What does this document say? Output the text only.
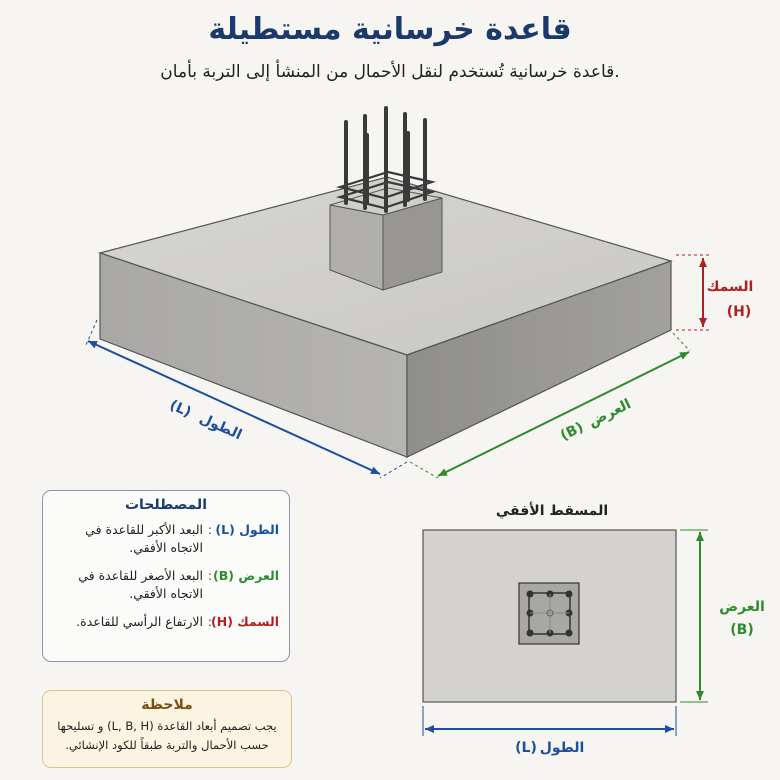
قاعدة خرسانية مستطيلة
قاعدة خرسانية تُستخدم لنقل الأحمال من المنشأ إلى التربة بأمان.
السمك
(H)
الطول
(L)	العرض
(B)
العرض
(B)
الطول
(L)
المسقط الأفقي
المصطلحات
الطول (L)
:
البعد الأكبر للقاعدة في الاتجاه الأفقي.
العرض (B)
:
البعد الأصغر للقاعدة في الاتجاه الأفقي.
السمك (H)
:
الارتفاع الرأسي للقاعدة.
ملاحظة
يجب تصميم أبعاد القاعدة (L, B, H) و تسليحها حسب الأحمال والتربة طبقاً للكود الإنشائي.
